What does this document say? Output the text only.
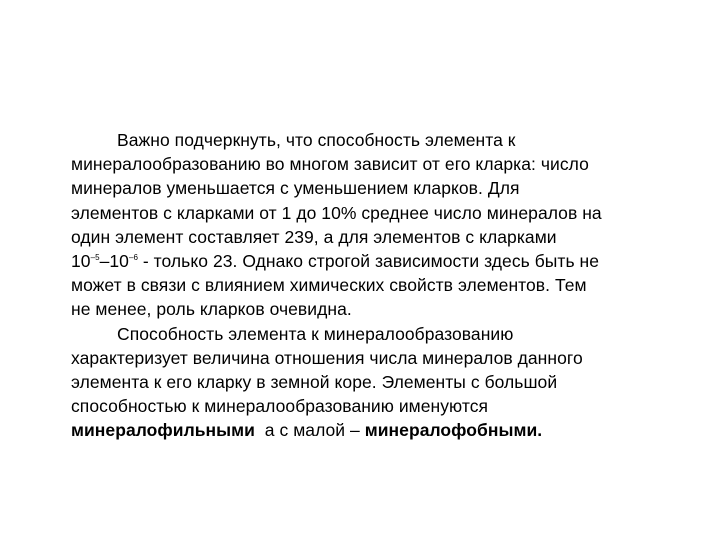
Важно подчеркнуть, что способность элемента к
минералообразованию во многом зависит от его кларка: число
минералов уменьшается с уменьшением кларков. Для
элементов с кларками от 1 до 10% среднее число минералов на
один элемент составляет 239, а для элементов с кларками
$10^{-5}-10^{-6}$ - только 23. Однако строгой зависимости здесь быть не
может в связи с влиянием химических свойств элементов. Тем
не менее, роль кларков очевидна.

Способность элемента к минералообразованию
характеризует величина отношения числа минералов данного
элемента к его кларку в земной коре. Элементы с большой
способностью к минералообразованию именуются
минералофильными  а с малой – минералофобными.
